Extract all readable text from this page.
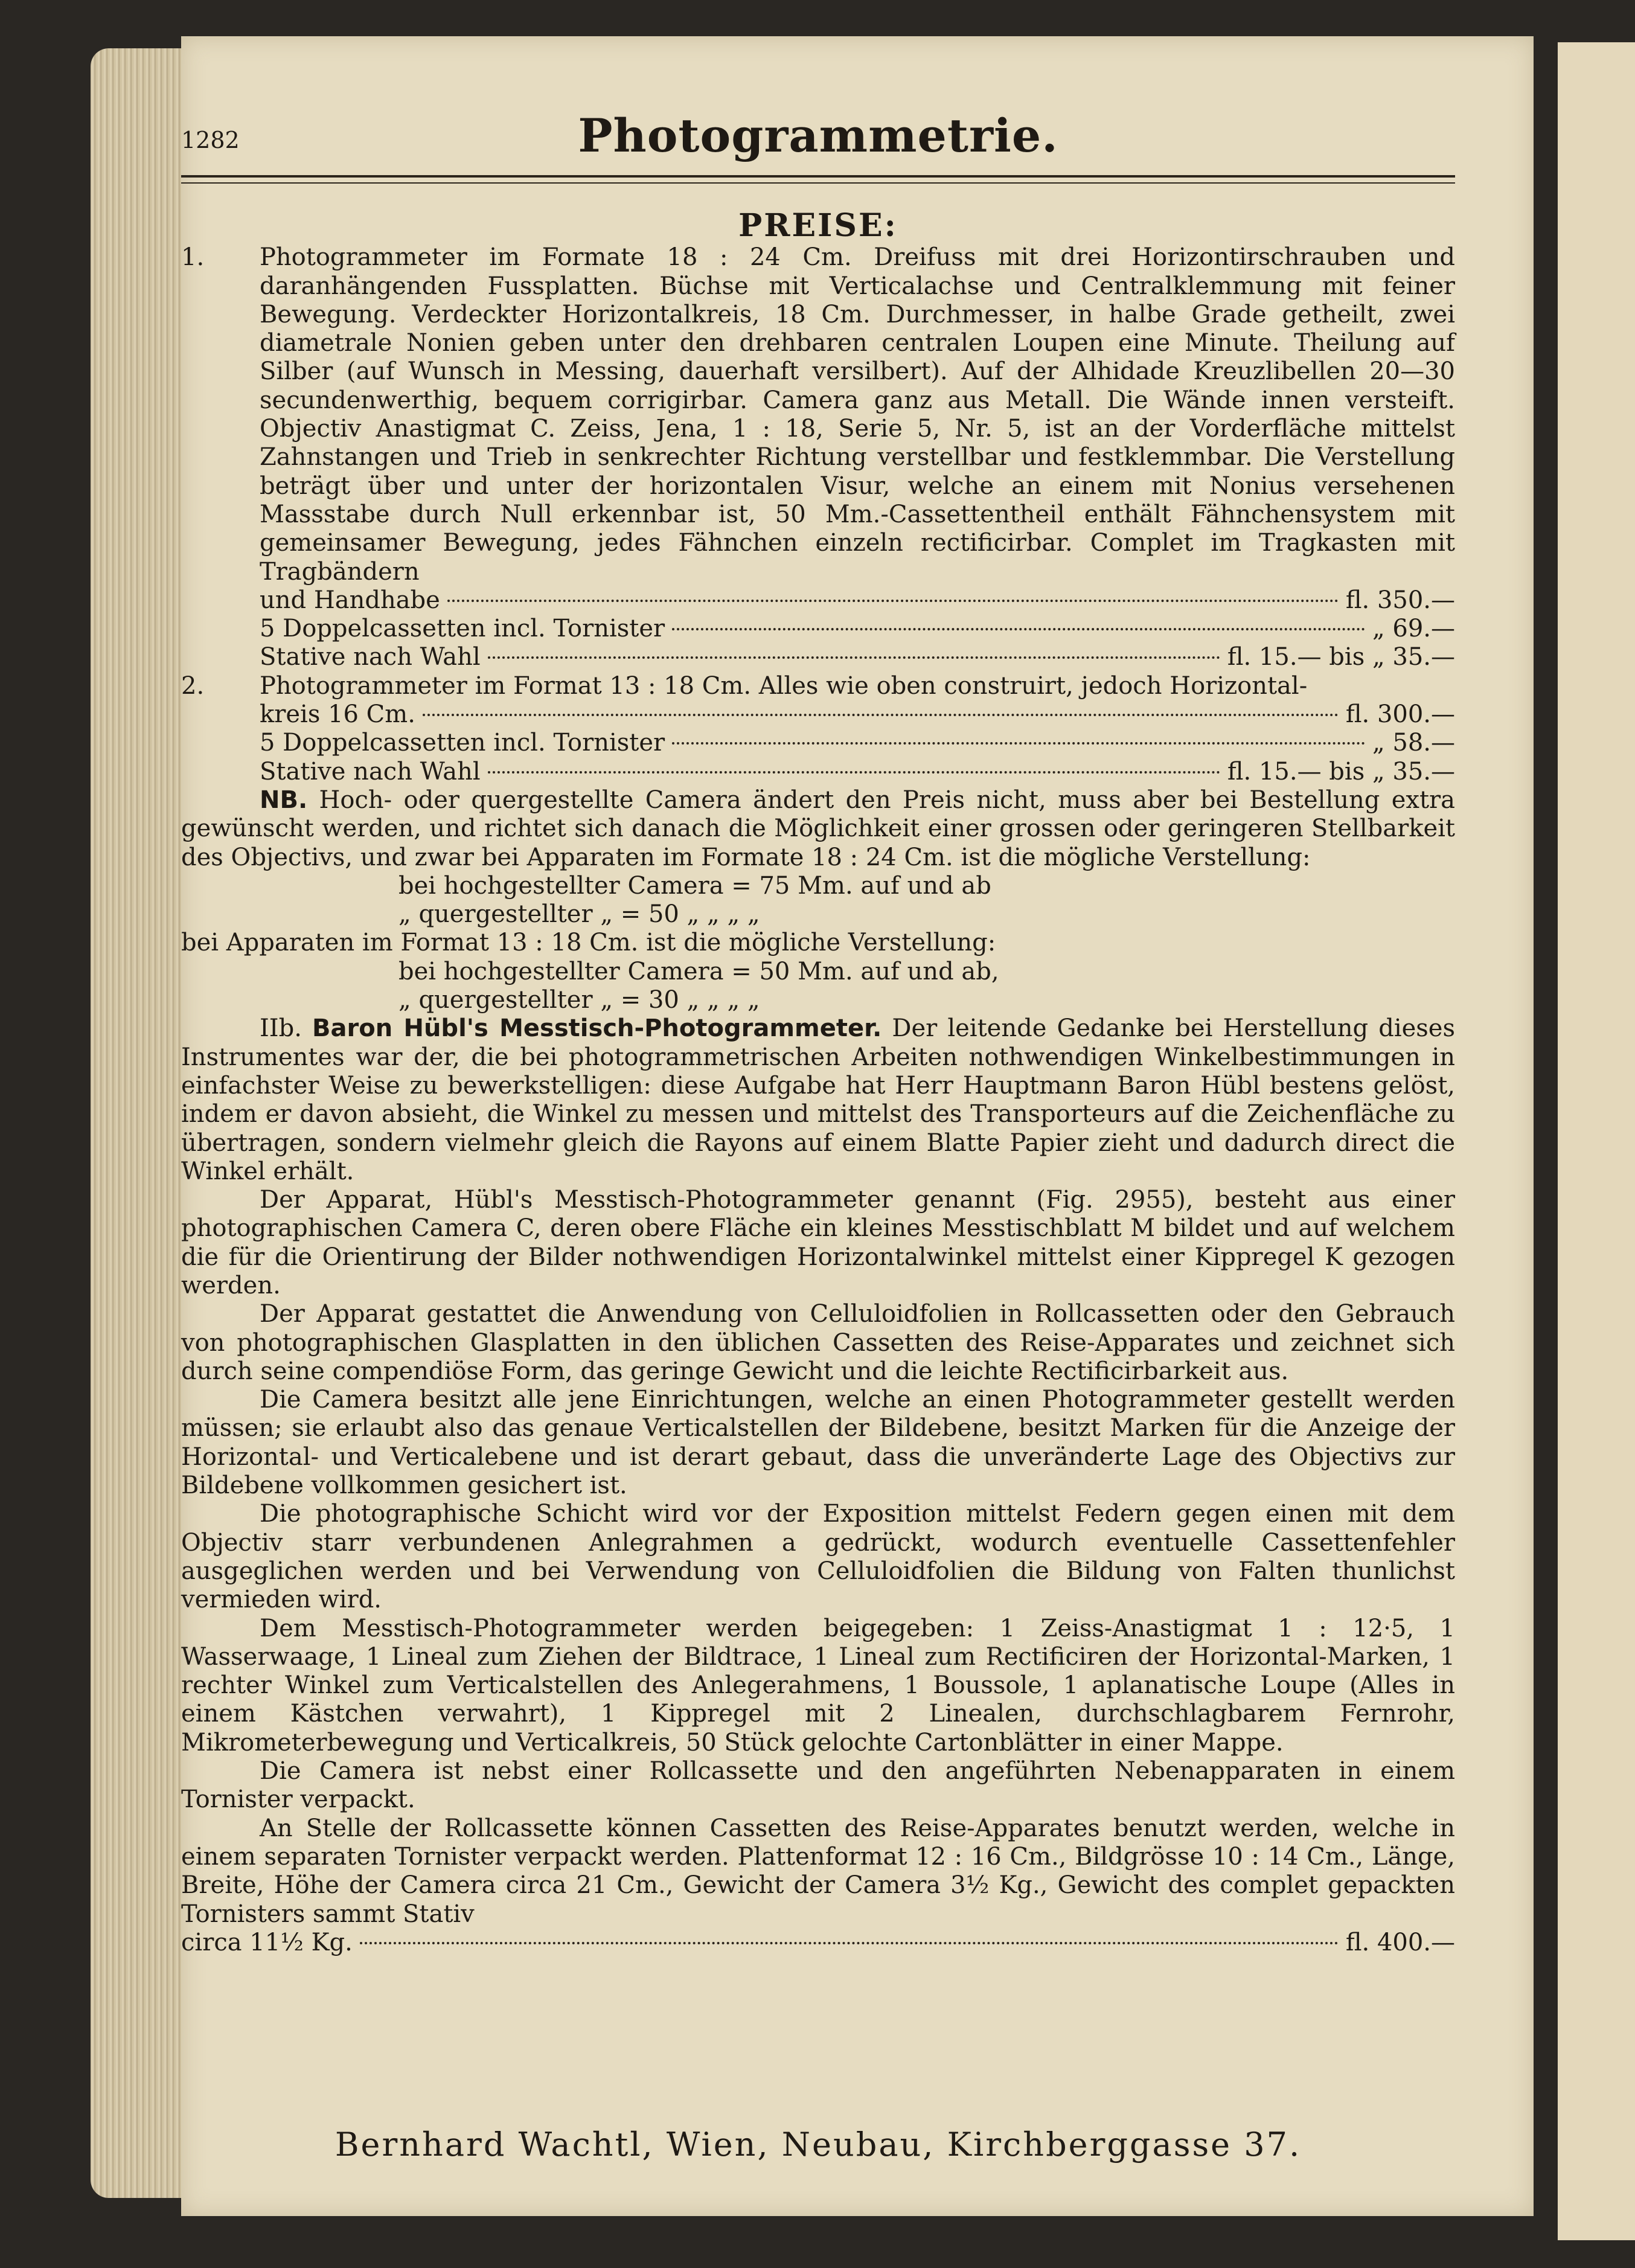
1282	Photogrammetrie.
PREISE:
1. Photogrammeter im Formate 18 : 24 Cm. Dreifuss mit drei Horizontirschrauben und daranhängenden Fussplatten. Büchse mit Verticalachse und Centralklemmung mit feiner Bewegung. Verdeckter Horizontalkreis, 18 Cm. Durchmesser, in halbe Grade getheilt, zwei diametrale Nonien geben unter den drehbaren centralen Loupen eine Minute. Theilung auf Silber (auf Wunsch in Messing, dauerhaft versilbert). Auf der Alhidade Kreuzlibellen 20—30 secundenwerthig, bequem corrigirbar. Camera ganz aus Metall. Die Wände innen versteift. Objectiv Anastigmat C. Zeiss, Jena, 1 : 18, Serie 5, Nr. 5, ist an der Vorderfläche mittelst Zahnstangen und Trieb in senkrechter Richtung verstellbar und festklemmbar. Die Verstellung beträgt über und unter der horizontalen Visur, welche an einem mit Nonius versehenen Massstabe durch Null erkennbar ist, 50 Mm.-Cassettentheil enthält Fähnchensystem mit gemeinsamer Bewegung, jedes Fähnchen einzeln rectificirbar. Complet im Tragkasten mit Tragbändern

und Handhabe	fl. 350.—
5 Doppelcassetten incl. Tornister	„ 69.—
Stative nach Wahl	fl. 15.— bis „ 35.—
2. Photogrammeter im Format 13 : 18 Cm. Alles wie oben construirt, jedoch Horizontal-

kreis 16 Cm.	fl. 300.—
5 Doppelcassetten incl. Tornister	„ 58.—
Stative nach Wahl	fl. 15.— bis „ 35.—

NB. Hoch- oder quergestellte Camera ändert den Preis nicht, muss aber bei Bestellung extra gewünscht werden, und richtet sich danach die Möglichkeit einer grossen oder geringeren Stellbarkeit des Objectivs, und zwar bei Apparaten im Formate 18 : 24 Cm. ist die mögliche Verstellung:

bei hochgestellter Camera = 75 Mm. auf und ab
„ quergestellter „ = 50 „ „ „ „

bei Apparaten im Format 13 : 18 Cm. ist die mögliche Verstellung:

bei hochgestellter Camera = 50 Mm. auf und ab,
„ quergestellter „ = 30 „ „ „ „

IIb. Baron Hübl's Messtisch-Photogrammeter. Der leitende Gedanke bei Herstellung dieses Instrumentes war der, die bei photogrammetrischen Arbeiten nothwendigen Winkelbestimmungen in einfachster Weise zu bewerkstelligen: diese Aufgabe hat Herr Hauptmann Baron Hübl bestens gelöst, indem er davon absieht, die Winkel zu messen und mittelst des Transporteurs auf die Zeichenfläche zu übertragen, sondern vielmehr gleich die Rayons auf einem Blatte Papier zieht und dadurch direct die Winkel erhält.

Der Apparat, Hübl's Messtisch-Photogrammeter genannt (Fig. 2955), besteht aus einer photographischen Camera C, deren obere Fläche ein kleines Messtischblatt M bildet und auf welchem die für die Orientirung der Bilder nothwendigen Horizontalwinkel mittelst einer Kippregel K gezogen werden.

Der Apparat gestattet die Anwendung von Celluloidfolien in Rollcassetten oder den Gebrauch von photographischen Glasplatten in den üblichen Cassetten des Reise-Apparates und zeichnet sich durch seine compendiöse Form, das geringe Gewicht und die leichte Rectificirbarkeit aus.

Die Camera besitzt alle jene Einrichtungen, welche an einen Photogrammeter gestellt werden müssen; sie erlaubt also das genaue Verticalstellen der Bildebene, besitzt Marken für die Anzeige der Horizontal- und Verticalebene und ist derart gebaut, dass die unveränderte Lage des Objectivs zur Bildebene vollkommen gesichert ist.

Die photographische Schicht wird vor der Exposition mittelst Federn gegen einen mit dem Objectiv starr verbundenen Anlegrahmen a gedrückt, wodurch eventuelle Cassettenfehler ausgeglichen werden und bei Verwendung von Celluloidfolien die Bildung von Falten thunlichst vermieden wird.

Dem Messtisch-Photogrammeter werden beigegeben: 1 Zeiss-Anastigmat 1 : 12·5, 1 Wasserwaage, 1 Lineal zum Ziehen der Bildtrace, 1 Lineal zum Rectificiren der Horizontal-Marken, 1 rechter Winkel zum Verticalstellen des Anlegerahmens, 1 Boussole, 1 aplanatische Loupe (Alles in einem Kästchen verwahrt), 1 Kippregel mit 2 Linealen, durchschlagbarem Fernrohr, Mikrometerbewegung und Verticalkreis, 50 Stück gelochte Cartonblätter in einer Mappe.

Die Camera ist nebst einer Rollcassette und den angeführten Nebenapparaten in einem Tornister verpackt.

An Stelle der Rollcassette können Cassetten des Reise-Apparates benutzt werden, welche in einem separaten Tornister verpackt werden. Plattenformat 12 : 16 Cm., Bildgrösse 10 : 14 Cm., Länge, Breite, Höhe der Camera circa 21 Cm., Gewicht der Camera 3½ Kg., Gewicht des complet gepackten Tornisters sammt Stativ

circa 11½ Kg.	fl. 400.—
Bernhard Wachtl, Wien, Neubau, Kirchberggasse 37.
